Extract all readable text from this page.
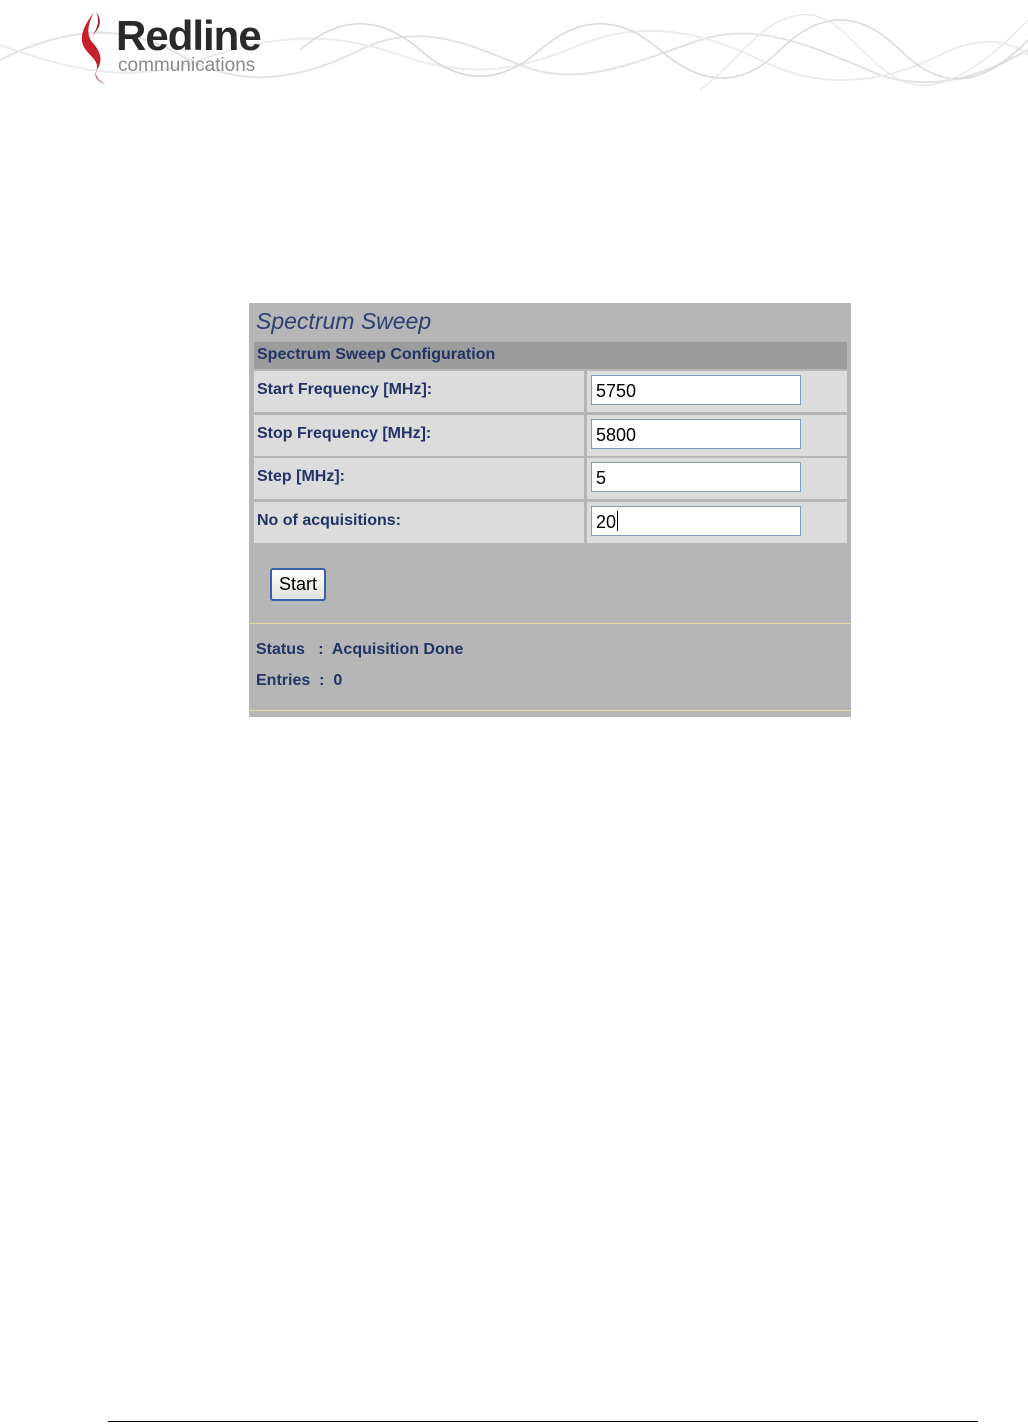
Redline
communications
Spectrum Sweep
Spectrum Sweep Configuration
Start Frequency [MHz]:	5750
Stop Frequency [MHz]:	5800
Step [MHz]:	5
No of acquisitions:	20
Start
Status   :  Acquisition Done
Entries  :  0
